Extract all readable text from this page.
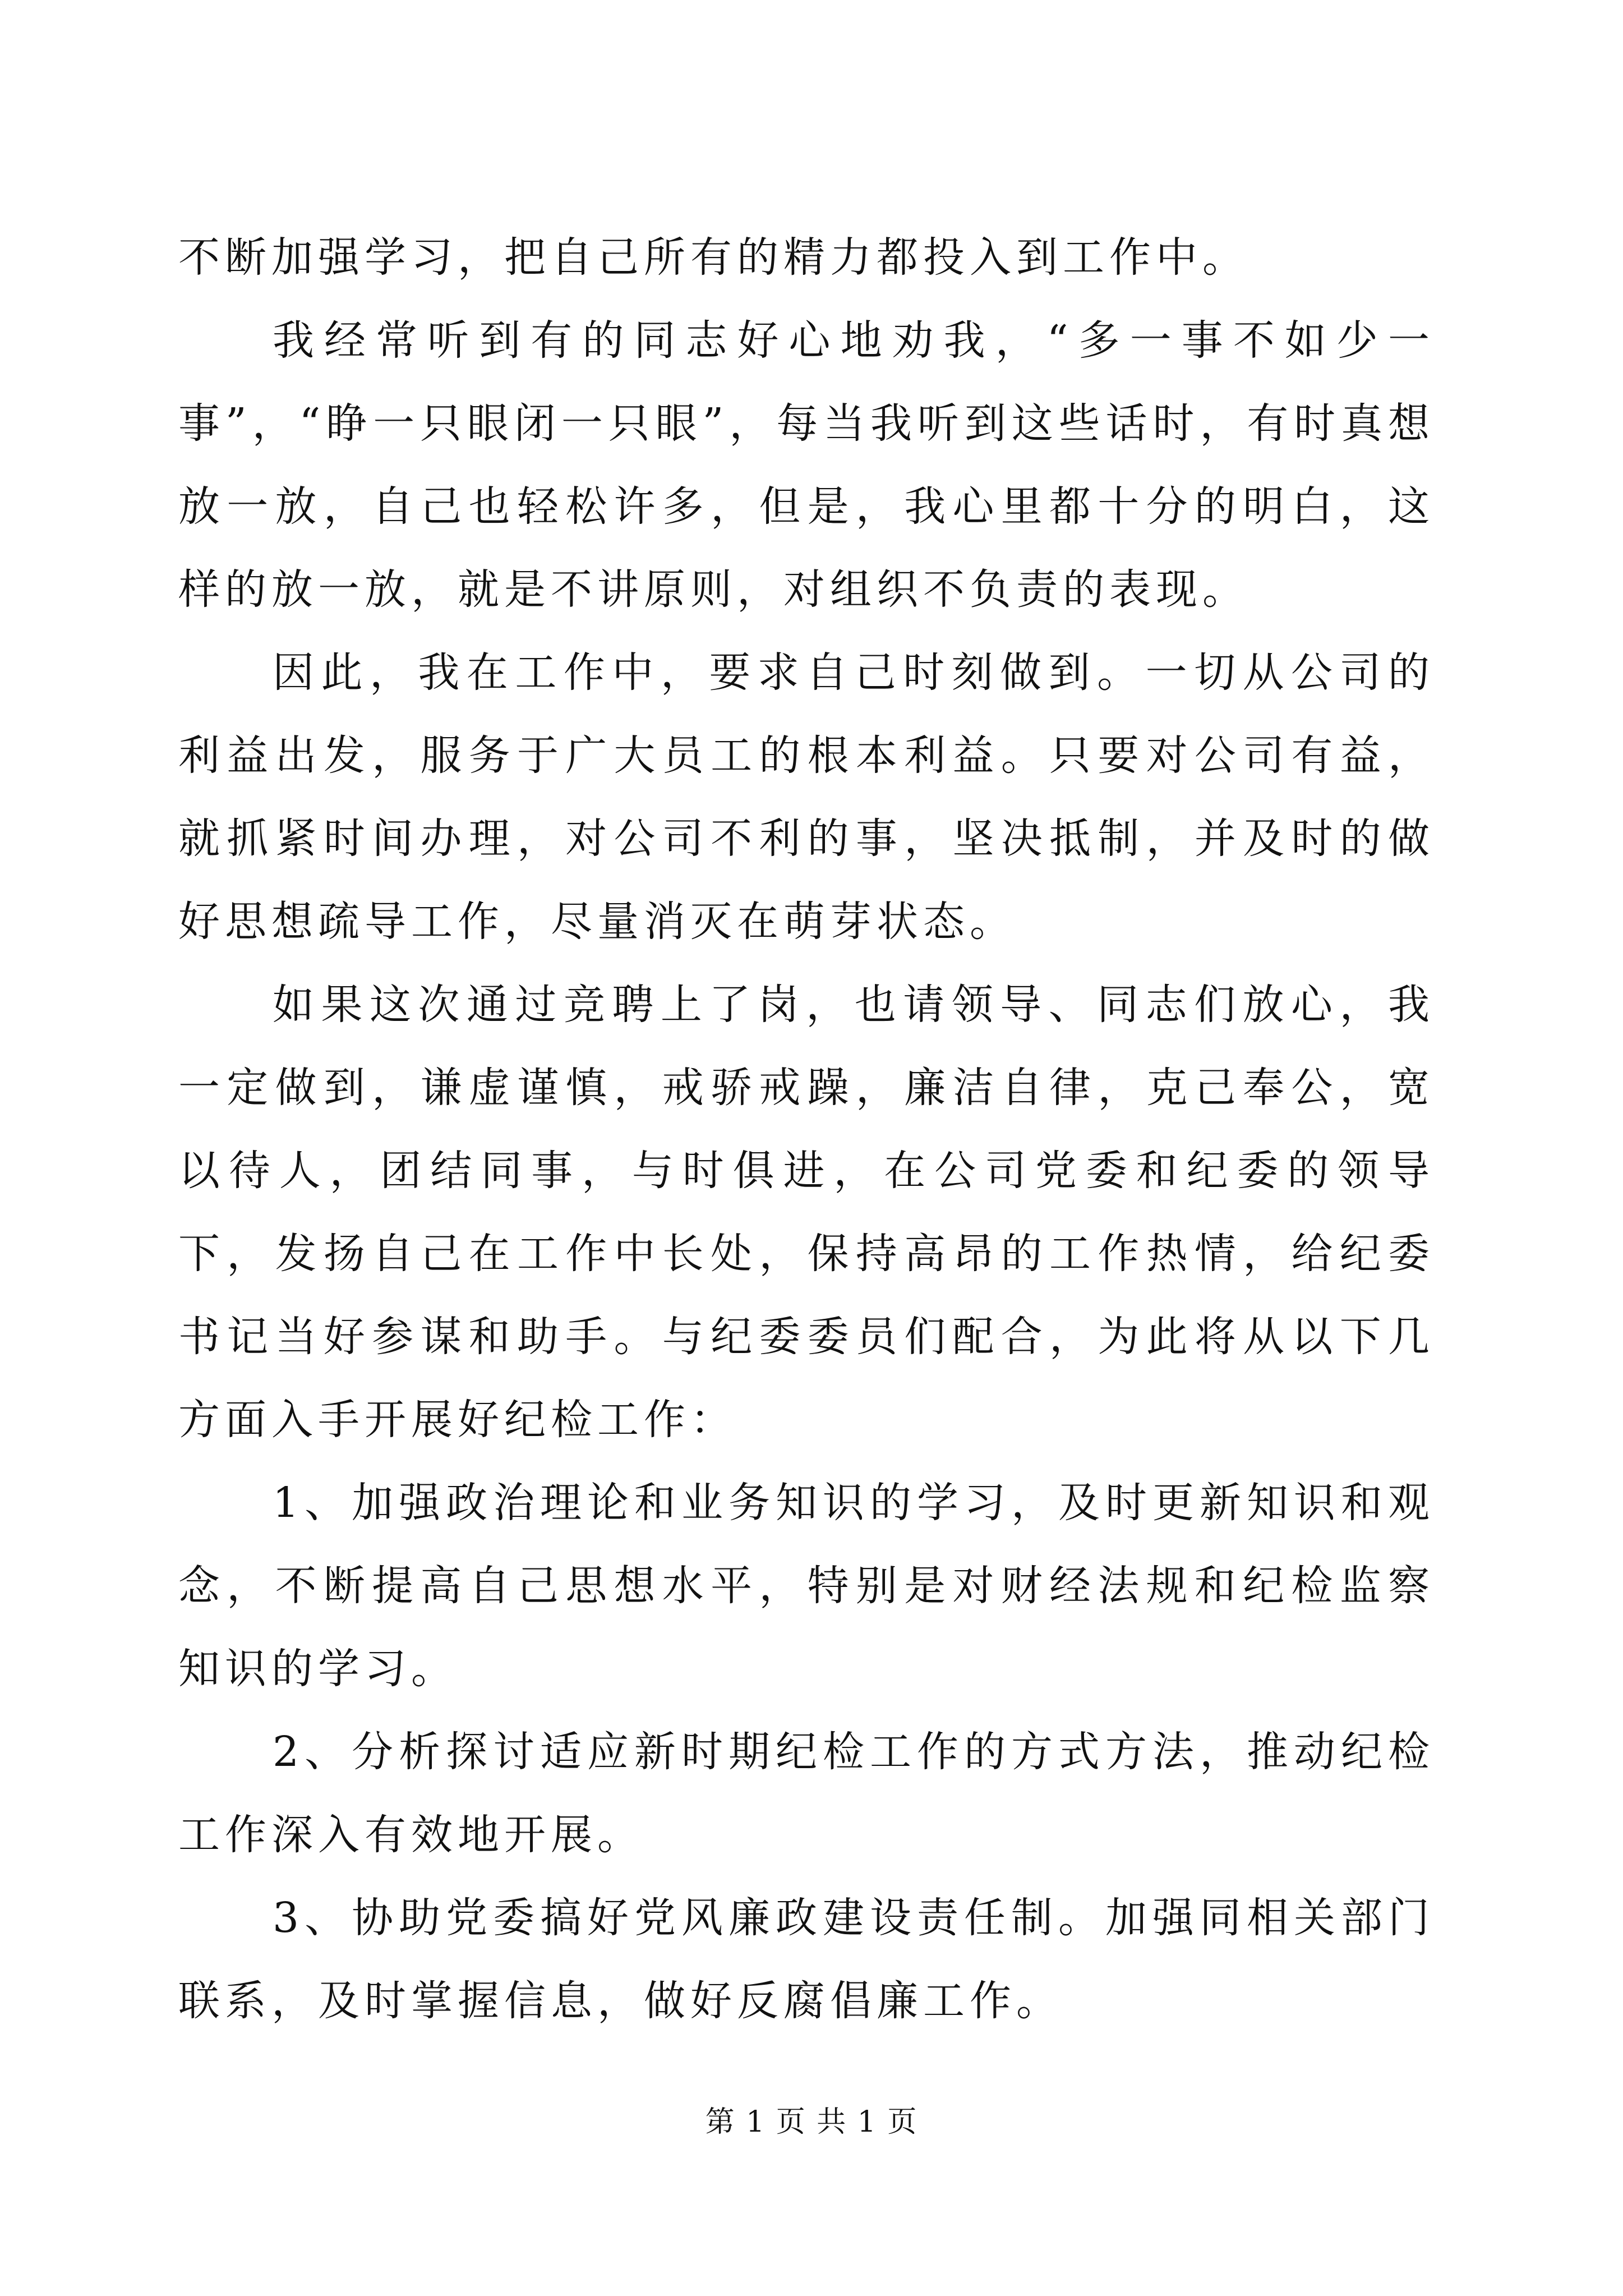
不断加强学习，把自己所有的精力都投入到工作中。

我经常听到有的同志好心地劝我，“多一事不如少一事”，“睁一只眼闭一只眼”，每当我听到这些话时，有时真想放一放，自己也轻松许多，但是，我心里都十分的明白，这样的放一放，就是不讲原则，对组织不负责的表现。

因此，我在工作中，要求自己时刻做到。一切从公司的利益出发，服务于广大员工的根本利益。只要对公司有益，就抓紧时间办理，对公司不利的事，坚决抵制，并及时的做好思想疏导工作，尽量消灭在萌芽状态。

如果这次通过竞聘上了岗，也请领导、同志们放心，我一定做到，谦虚谨慎，戒骄戒躁，廉洁自律，克己奉公，宽以待人，团结同事，与时俱进，在公司党委和纪委的领导下，发扬自己在工作中长处，保持高昂的工作热情，给纪委书记当好参谋和助手。与纪委委员们配合，为此将从以下几方面入手开展好纪检工作：

1、加强政治理论和业务知识的学习，及时更新知识和观念，不断提高自己思想水平，特别是对财经法规和纪检监察知识的学习。

2、分析探讨适应新时期纪检工作的方式方法，推动纪检工作深入有效地开展。

3、协助党委搞好党风廉政建设责任制。加强同相关部门联系，及时掌握信息，做好反腐倡廉工作。

第 1 页 共 1 页
